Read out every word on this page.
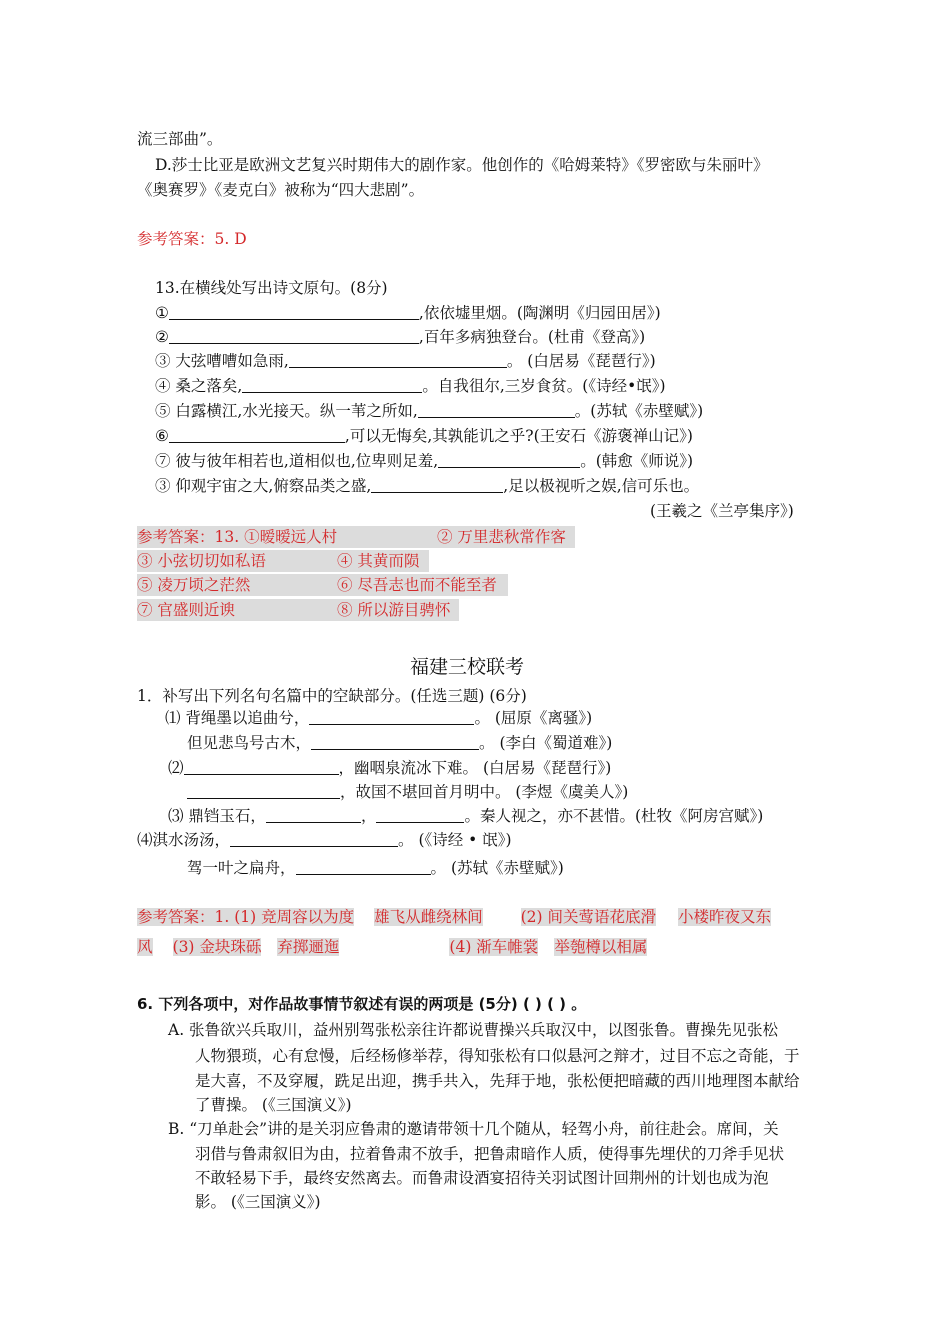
流三部曲”。
D.莎士比亚是欧洲文艺复兴时期伟大的剧作家。他创作的《哈姆莱特》《罗密欧与朱丽叶》
《奥赛罗》《麦克白》被称为“四大悲剧”。
参考答案：5. D
13.在横线处写出诗文原句。(8分)
①	,依依墟里烟。(陶渊明《归园田居》)
②	,百年多病独登台。(杜甫《登高》)
③ 大弦嘈嘈如急雨,	。 (白居易《琵琶行》)
④ 桑之落矣,	。自我徂尔,三岁食贫。(《诗经•氓》)
⑤ 白露横江,水光接天。纵一苇之所如,	。(苏轼《赤壁赋》)
⑥	,可以无悔矣,其孰能讥之乎?(王安石《游褒禅山记》)
⑦ 彼与彼年相若也,道相似也,位卑则足羞,	。(韩愈《师说》)
③ 仰观宇宙之大,俯察品类之盛,	,足以极视听之娱,信可乐也。
(王羲之《兰亭集序》)
参考答案：13. ①暧暧远人村	② 万里悲秋常作客
③ 小弦切切如私语	④ 其黄而陨
⑤ 凌万顷之茫然	⑥ 尽吾志也而不能至者
⑦ 官盛则近谀	⑧ 所以游目骋怀
福建三校联考
1．补写出下列名句名篇中的空缺部分。(任选三题) (6分)
⑴ 背绳墨以追曲兮，	。 (屈原《离骚》)
但见悲鸟号古木，	。 (李白《蜀道难》)
⑵	，幽咽泉流冰下难。 (白居易《琵琶行》)
，故国不堪回首月明中。 (李煜《虞美人》)
⑶ 鼎铛玉石，	，	。秦人视之，亦不甚惜。(杜牧《阿房宫赋》)
⑷淇水汤汤，	。 (《诗经 • 氓》)
驾一叶之扁舟，	。 (苏轼《赤壁赋》)
参考答案：1. (1) 竞周容以为度 雄飞从雌绕林间 (2) 间关莺语花底滑 小楼昨夜又东
风 (3) 金块珠砾 弃掷逦迤	(4) 渐车帷裳 举匏樽以相属
6. 下列各项中，对作品故事情节叙述有误的两项是 (5分) ( ) ( ) 。
A. 张鲁欲兴兵取川，益州别驾张松亲往许都说曹操兴兵取汉中，以图张鲁。曹操先见张松
人物猥琐，心有怠慢，后经杨修举荐，得知张松有口似悬河之辩才，过目不忘之奇能，于
是大喜，不及穿履，跣足出迎，携手共入，先拜于地，张松便把暗藏的西川地理图本献给
了曹操。 (《三国演义》)
B. “刀单赴会”讲的是关羽应鲁肃的邀请带领十几个随从，轻驾小舟，前往赴会。席间，关
羽借与鲁肃叙旧为由，拉着鲁肃不放手，把鲁肃暗作人质，使得事先埋伏的刀斧手见状
不敢轻易下手，最终安然离去。而鲁肃设酒宴招待关羽试图计回荆州的计划也成为泡
影。 (《三国演义》)
